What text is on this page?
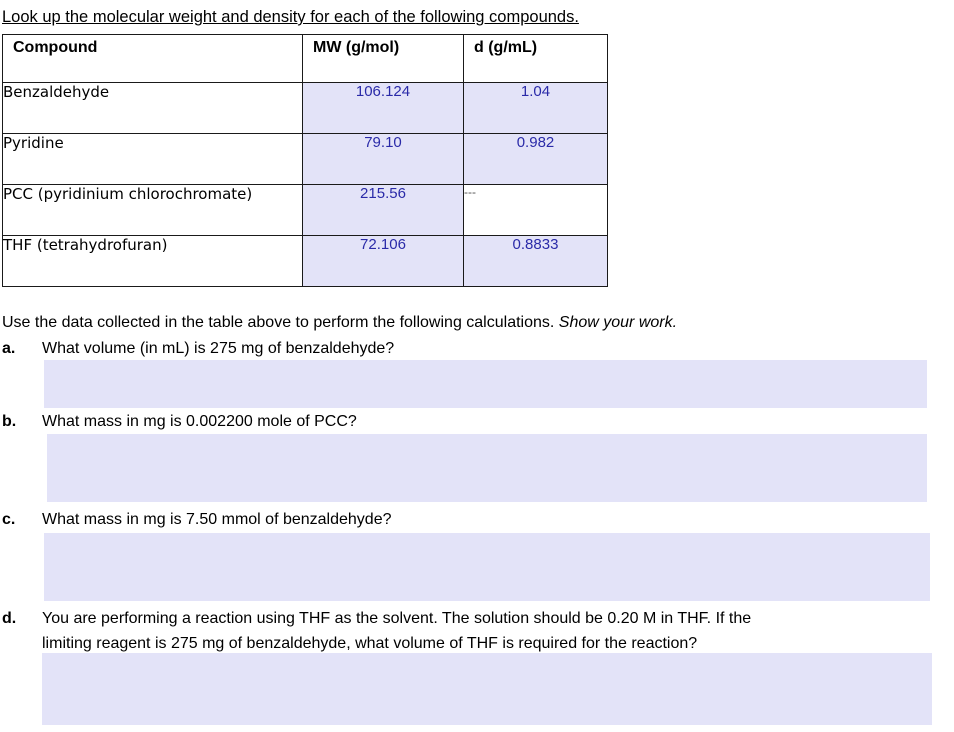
Look up the molecular weight and density for each of the following compounds.
Compound	MW (g/mol)	d (g/mL)
Benzaldehyde	106.124	1.04
Pyridine	79.10	0.982
PCC (pyridinium chlorochromate)	215.56	---
THF (tetrahydrofuran)	72.106	0.8833
Use the data collected in the table above to perform the following calculations. Show your work.
a. What volume (in mL) is 275 mg of benzaldehyde?
b. What mass in mg is 0.002200 mole of PCC?
c. What mass in mg is 7.50 mmol of benzaldehyde?
d. You are performing a reaction using THF as the solvent. The solution should be 0.20 M in THF. If the
limiting reagent is 275 mg of benzaldehyde, what volume of THF is required for the reaction?
